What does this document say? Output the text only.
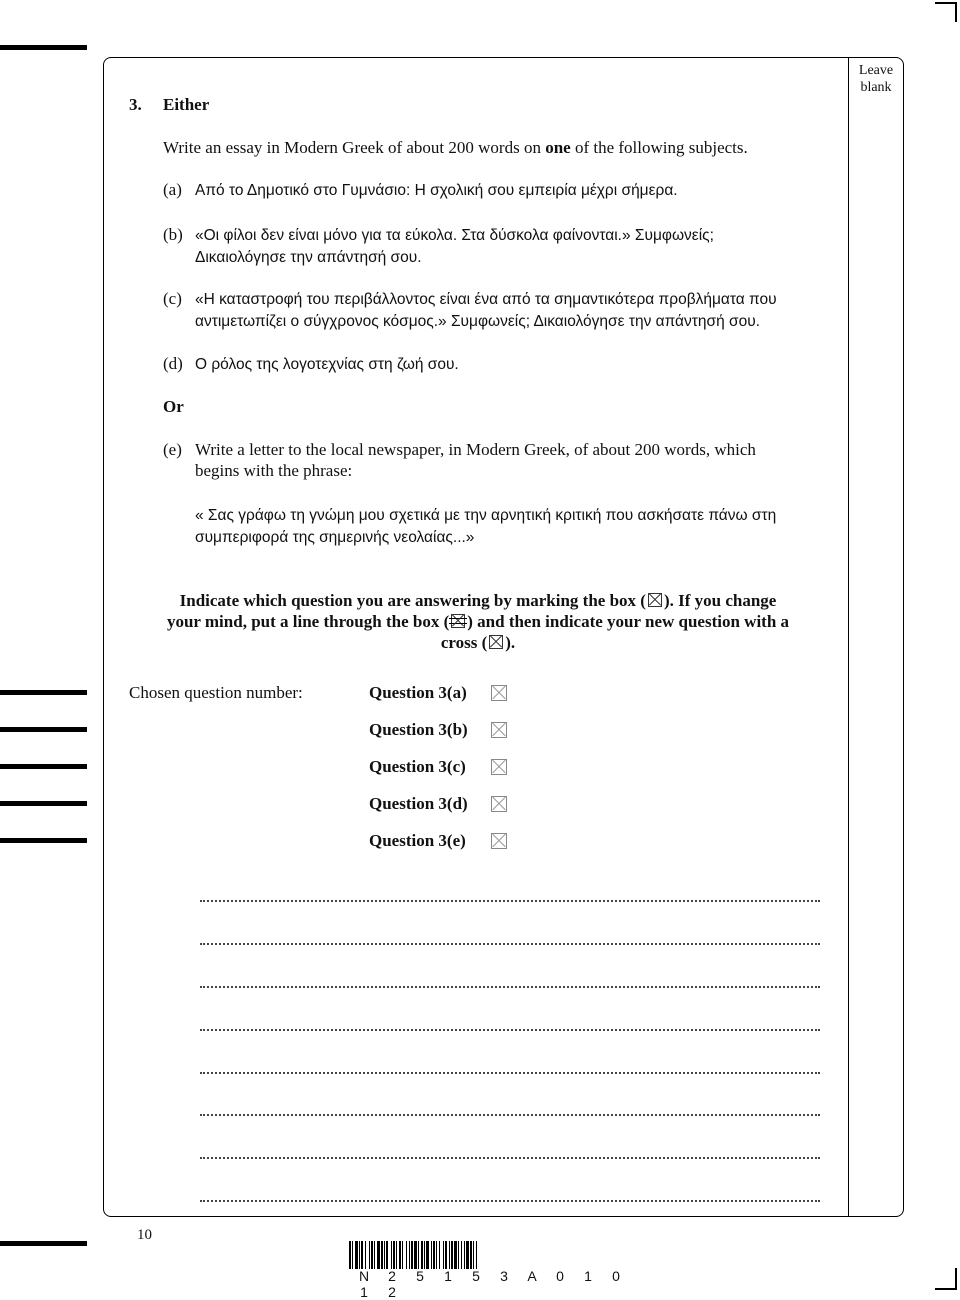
Leave blank
3. Either
Write an essay in Modern Greek of about 200 words on one of the following subjects.
(a) Από το Δημοτικό στο Γυμνάσιο: Η σχολική σου εμπειρία μέχρι σήμερα.
(b) «Οι φίλοι δεν είναι μόνο για τα εύκολα. Στα δύσκολα φαίνονται.» Συμφωνείς;
Δικαιολόγησε την απάντησή σου.
(c) «Η καταστροφή του περιβάλλοντος είναι ένα από τα σημαντικότερα προβλήματα που
αντιμετωπίζει ο σύγχρονος κόσμος.» Συμφωνείς; Δικαιολόγησε την απάντησή σου.
(d) Ο ρόλος της λογοτεχνίας στη ζωή σου.
Or
(e) Write a letter to the local newspaper, in Modern Greek, of about 200 words, which
begins with the phrase:
« Σας γράφω τη γνώμη μου σχετικά με την αρνητική κριτική που ασκήσατε πάνω στη
συμπεριφορά της σημερινής νεολαίας...»
Indicate which question you are answering by marking the box ( ☒ ). If you change
your mind, put a line through the box ( ) and then indicate your new question with a
cross ( ☒ ).
Chosen question number:	Question 3(a)
Question 3(b)
Question 3(c)
Question 3(d)
Question 3(e)
10
N 2 5 1 5 3 A 0 1 01 2
